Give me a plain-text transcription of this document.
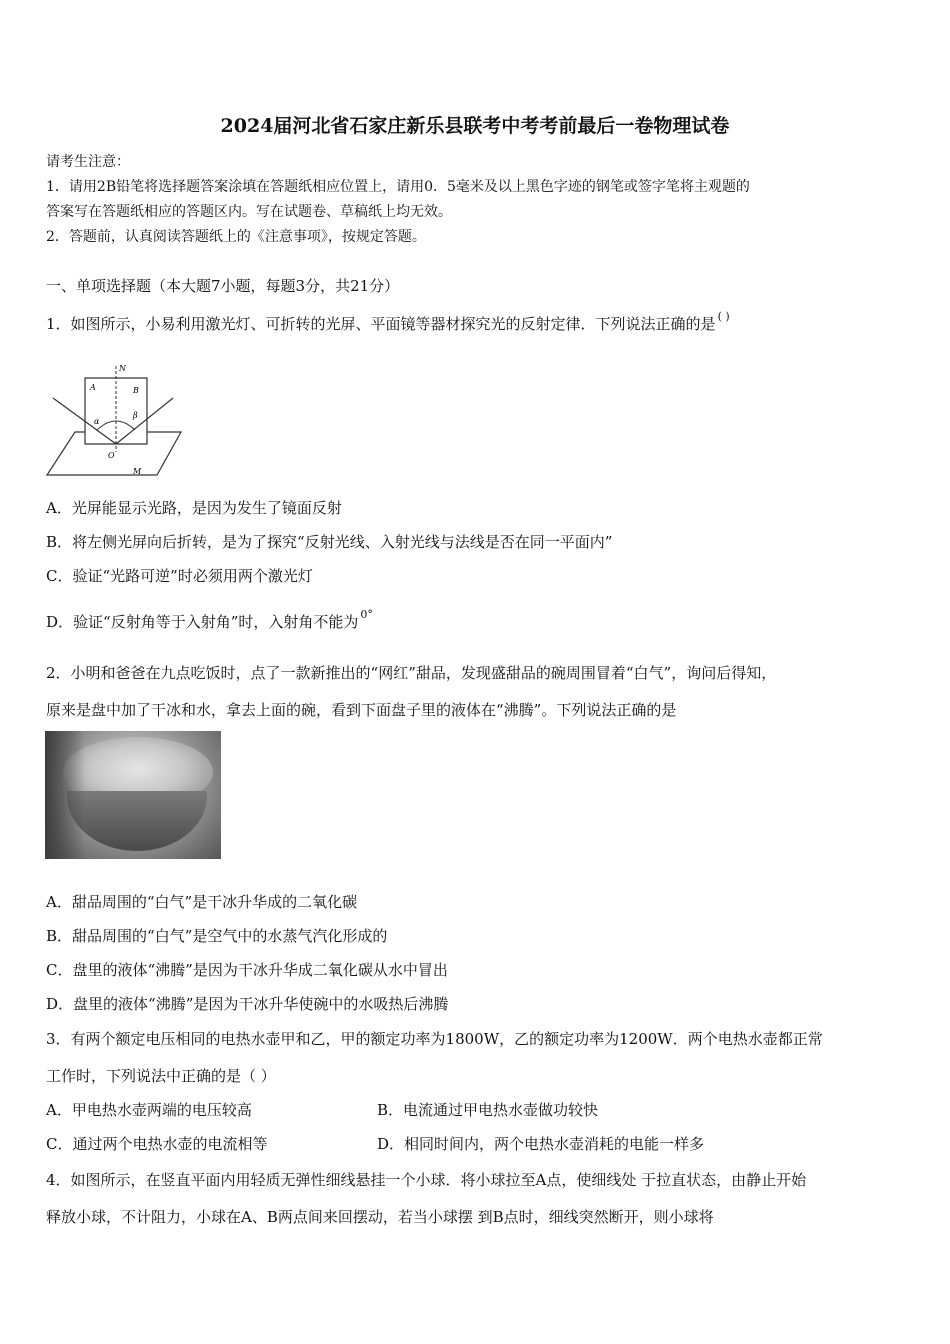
2024届河北省石家庄新乐县联考中考考前最后一卷物理试卷
请考生注意：
1．请用2B铅笔将选择题答案涂填在答题纸相应位置上，请用0．5毫米及以上黑色字迹的钢笔或签字笔将主观题的
答案写在答题纸相应的答题区内。写在试题卷、草稿纸上均无效。
2．答题前，认真阅读答题纸上的《注意事项》，按规定答题。
一、单项选择题（本大题7小题，每题3分，共21分）
1．如图所示，小易利用激光灯、可折转的光屏、平面镜等器材探究光的反射定律．下列说法正确的是 ( )
N
A	B
α
β
O
M
A．光屏能显示光路，是因为发生了镜面反射
B．将左侧光屏向后折转，是为了探究“反射光线、入射光线与法线是否在同一平面内”
C．验证“光路可逆”时必须用两个激光灯
D．验证“反射角等于入射角”时，入射角不能为 $^{0^\circ}$
2．小明和爸爸在九点吃饭时，点了一款新推出的“网红”甜品，发现盛甜品的碗周围冒着“白气”，询问后得知，
原来是盘中加了干冰和水，拿去上面的碗，看到下面盘子里的液体在“沸腾”。下列说法正确的是
A．甜品周围的“白气”是干冰升华成的二氧化碳
B．甜品周围的“白气”是空气中的水蒸气汽化形成的
C．盘里的液体“沸腾”是因为干冰升华成二氧化碳从水中冒出
D．盘里的液体“沸腾”是因为干冰升华使碗中的水吸热后沸腾
3．有两个额定电压相同的电热水壶甲和乙，甲的额定功率为1800W，乙的额定功率为1200W．两个电热水壶都正常
工作时，下列说法中正确的是（ ）
A．甲电热水壶两端的电压较高	B．电流通过甲电热水壶做功较快
C．通过两个电热水壶的电流相等	D．相同时间内，两个电热水壶消耗的电能一样多
4．如图所示，在竖直平面内用轻质无弹性细线悬挂一个小球．将小球拉至A点，使细线处 于拉直状态，由静止开始
释放小球，不计阻力，小球在A、B两点间来回摆动，若当小球摆 到B点时，细线突然断开，则小球将
